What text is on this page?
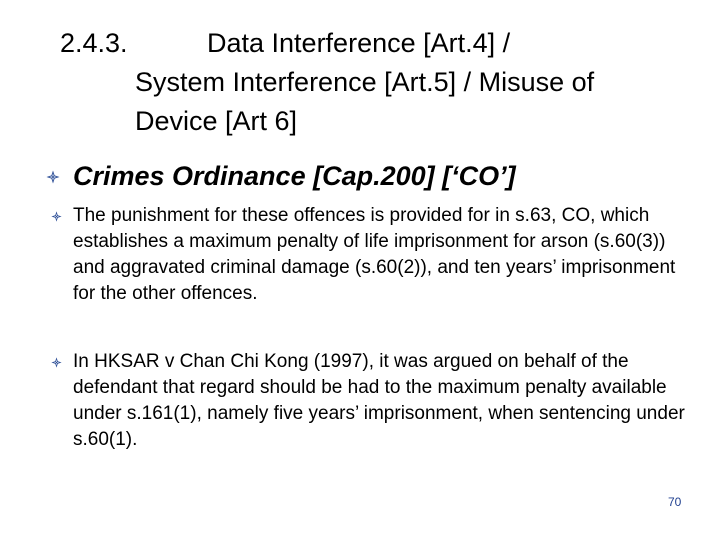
2.4.3.	Data Interference [Art.4] /
System Interference [Art.5] / Misuse of
Device [Art 6]
Crimes Ordinance [Cap.200] [‘CO’]
The punishment for these offences is provided for in s.63, CO, which establishes a maximum penalty of life imprisonment for arson (s.60(3)) and aggravated criminal damage (s.60(2)), and ten years’ imprisonment for the other offences.
In HKSAR v Chan Chi Kong (1997), it was argued on behalf of the defendant that regard should be had to the maximum penalty available under s.161(1), namely five years’ imprisonment, when sentencing under s.60(1).
70
